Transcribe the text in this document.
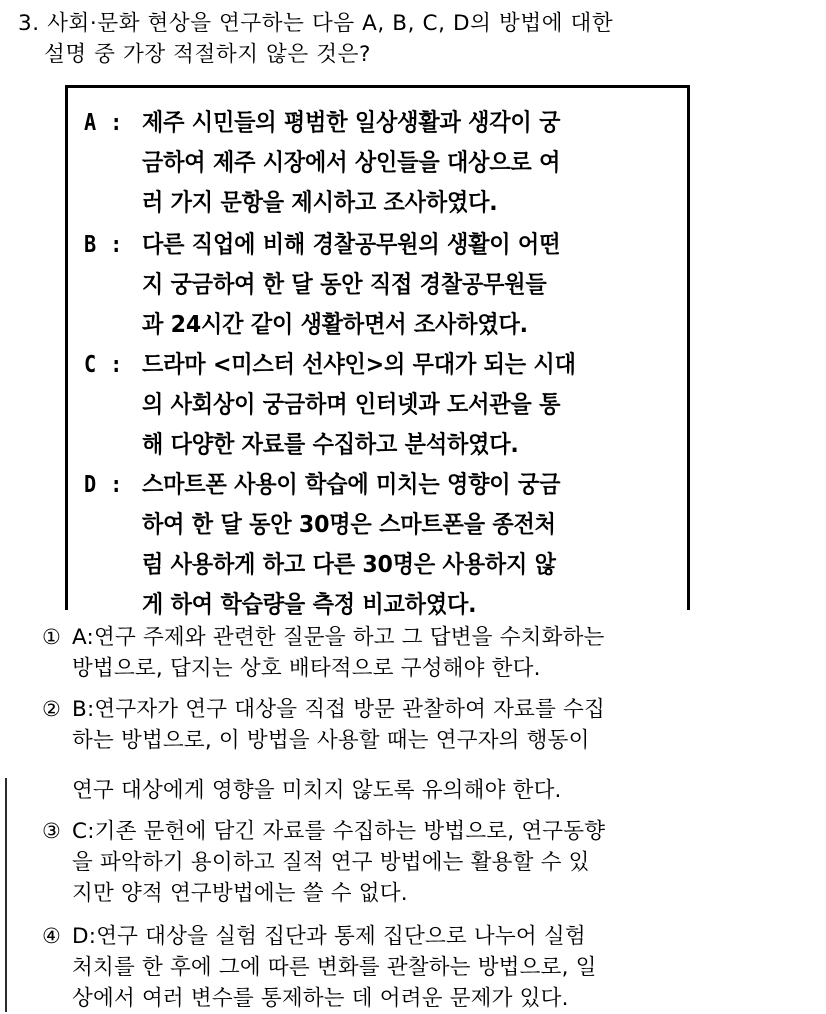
3. 사회·문화 현상을 연구하는 다음 A, B, C, D의 방법에 대한
설명 중 가장 적절하지 않은 것은?
A : 제주 시민들의 평범한 일상생활과 생각이 궁
금하여 제주 시장에서 상인들을 대상으로 여
러 가지 문항을 제시하고 조사하였다.
B : 다른 직업에 비해 경찰공무원의 생활이 어떤
지 궁금하여 한 달 동안 직접 경찰공무원들
과 24시간 같이 생활하면서 조사하였다.
C : 드라마 <미스터 선샤인>의 무대가 되는 시대
의 사회상이 궁금하며 인터넷과 도서관을 통
해 다양한 자료를 수집하고 분석하였다.
D : 스마트폰 사용이 학습에 미치는 영향이 궁금
하여 한 달 동안 30명은 스마트폰을 종전처
럼 사용하게 하고 다른 30명은 사용하지 않
게 하여 학습량을 측정 비교하였다.
① A:연구 주제와 관련한 질문을 하고 그 답변을 수치화하는
방법으로, 답지는 상호 배타적으로 구성해야 한다.
② B:연구자가 연구 대상을 직접 방문 관찰하여 자료를 수집
하는 방법으로, 이 방법을 사용할 때는 연구자의 행동이
연구 대상에게 영향을 미치지 않도록 유의해야 한다.
③ C:기존 문헌에 담긴 자료를 수집하는 방법으로, 연구동향
을 파악하기 용이하고 질적 연구 방법에는 활용할 수 있
지만 양적 연구방법에는 쓸 수 없다.
④ D:연구 대상을 실험 집단과 통제 집단으로 나누어 실험
처치를 한 후에 그에 따른 변화를 관찰하는 방법으로, 일
상에서 여러 변수를 통제하는 데 어려운 문제가 있다.
